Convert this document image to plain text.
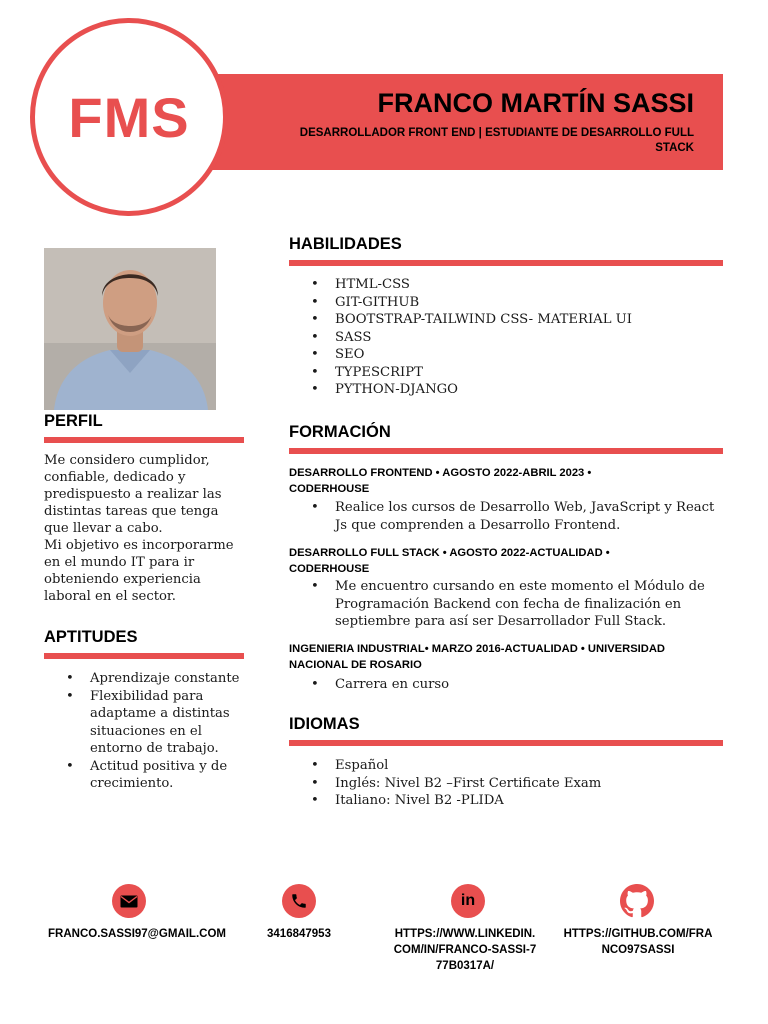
FMS	FRANCO MARTÍN SASSI
DESARROLLADOR FRONT END | ESTUDIANTE DE DESARROLLO FULL STACK
PERFIL
Me considero cumplidor, confiable, dedicado y predispuesto a realizar las distintas tareas que tenga que llevar a cabo.
Mi objetivo es incorporarme en el mundo IT para ir obteniendo experiencia laboral en el sector.
APTITUDES
• Aprendizaje constante
• Flexibilidad para adaptame a distintas situaciones en el entorno de trabajo.
• Actitud positiva y de crecimiento.
HABILIDADES
• HTML-CSS
• GIT-GITHUB
• BOOTSTRAP-TAILWIND CSS- MATERIAL UI
• SASS
• SEO
• TYPESCRIPT
• PYTHON-DJANGO
FORMACIÓN
DESARROLLO FRONTEND • AGOSTO 2022-ABRIL 2023 • CODERHOUSE
• Realice los cursos de Desarrollo Web, JavaScript y React Js que comprenden a Desarrollo Frontend.
DESARROLLO FULL STACK • AGOSTO 2022-ACTUALIDAD • CODERHOUSE
• Me encuentro cursando en este momento el Módulo de Programación Backend con fecha de finalización en septiembre para así ser Desarrollador Full Stack.
INGENIERIA INDUSTRIAL• MARZO 2016-ACTUALIDAD • UNIVERSIDAD NACIONAL DE ROSARIO
• Carrera en curso
IDIOMAS
• Español
• Inglés: Nivel B2 –First Certificate Exam
• Italiano: Nivel B2 -PLIDA
FRANCO.SASSI97@GMAIL.COM	3416847953
in
HTTPS://WWW.LINKEDIN.COM/IN/FRANCO-SASSI-777B0317A/
HTTPS://GITHUB.COM/FRANCO97SASSI
